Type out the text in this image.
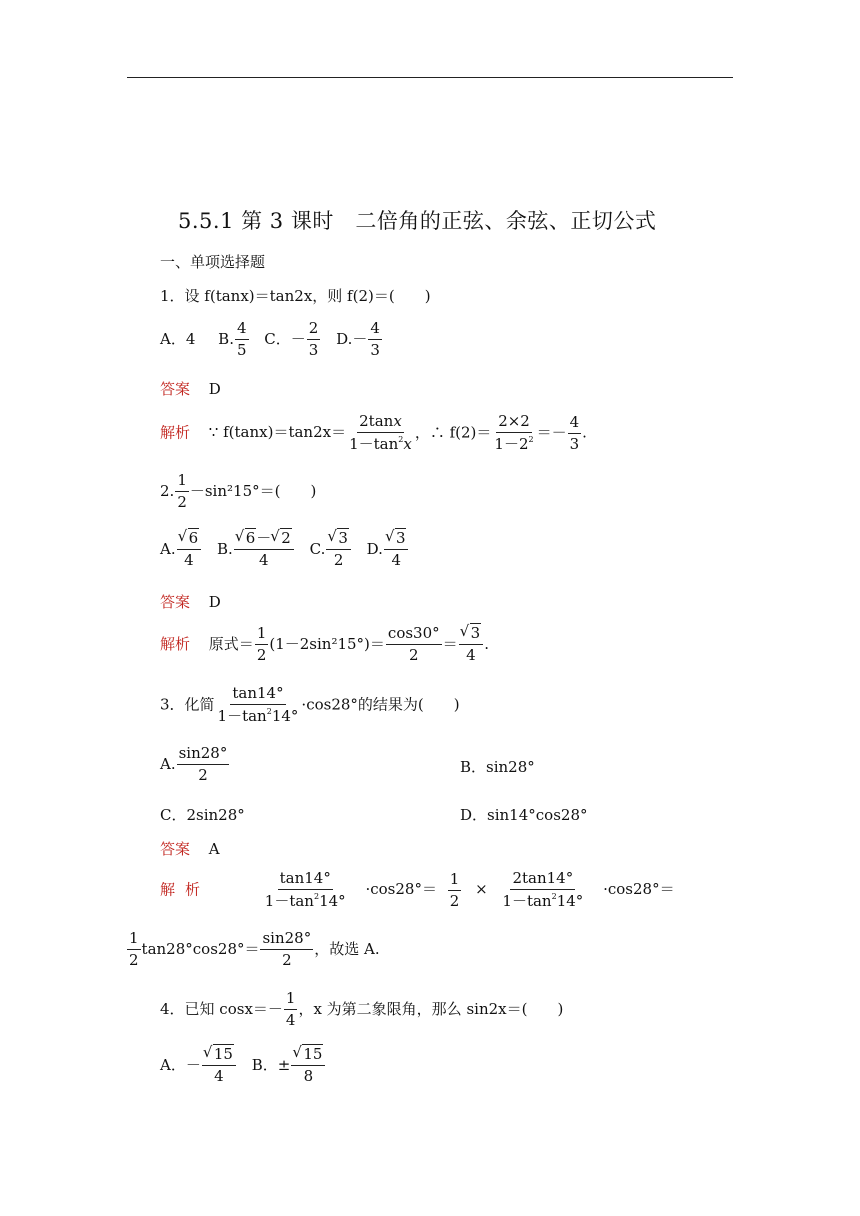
5.5.1 第 3 课时　二倍角的正弦、余弦、正切公式
一、单项选择题
1．设 f(tanx)＝tan2x，则 f(2)＝(　　)
A．4 B. $\frac{4}{5}$ C．－ $\frac{2}{3} D.- \frac{4}{3}$
答案 D
解析 ∵ $f(\tan x)=\tan 2x= \frac{2\tan x}{1-\tan^2x}$ ，∴ $f(2)= \frac{2\times 2}{1-2^2} =- \frac{4}{3}$ .
2. $\frac{1}{2} -\sin^215^\circ=$(　　)
A. √ $\frac{6}{4} B$. √ $\frac{6- √ 2}{4} C$. √ $\frac{3}{2} D$. √ $\frac{3}{4}$
答案 D
解析 原式＝ $\frac{1}{2} (1-2\sin^215^\circ)= \frac{\cos 30^\circ}{2}$ ＝ √ $\frac{3}{4}$ .
3．化简 $\frac{\tan 14^\circ}{1-\tan^214^\circ} \cdot\cos 28^\circ$的结果为(　　)
A. $\frac{\sin 28^\circ}{2}$	B．sin28°
C．2sin28°	D．sin14°cos28°
答案 A
解析	$\frac{\tan 14^\circ}{1-\tan^214^\circ} \cdot\cos 28^\circ= \frac{1}{2} \times \frac{2\tan 14^\circ}{1-\tan^214^\circ} \cdot\cos 28^\circ=$
$\frac{1}{2} \tan 28^\circ\cos 28^\circ= \frac{\sin 28^\circ}{2}$ ，故选 A.
4．已知 $\cos x=- \frac{1}{4}$ ，x 为第二象限角，那么 sin2x＝(　　)
A．－ √ $\frac{15}{4}$ B．± √ $\frac{15}{8}$
